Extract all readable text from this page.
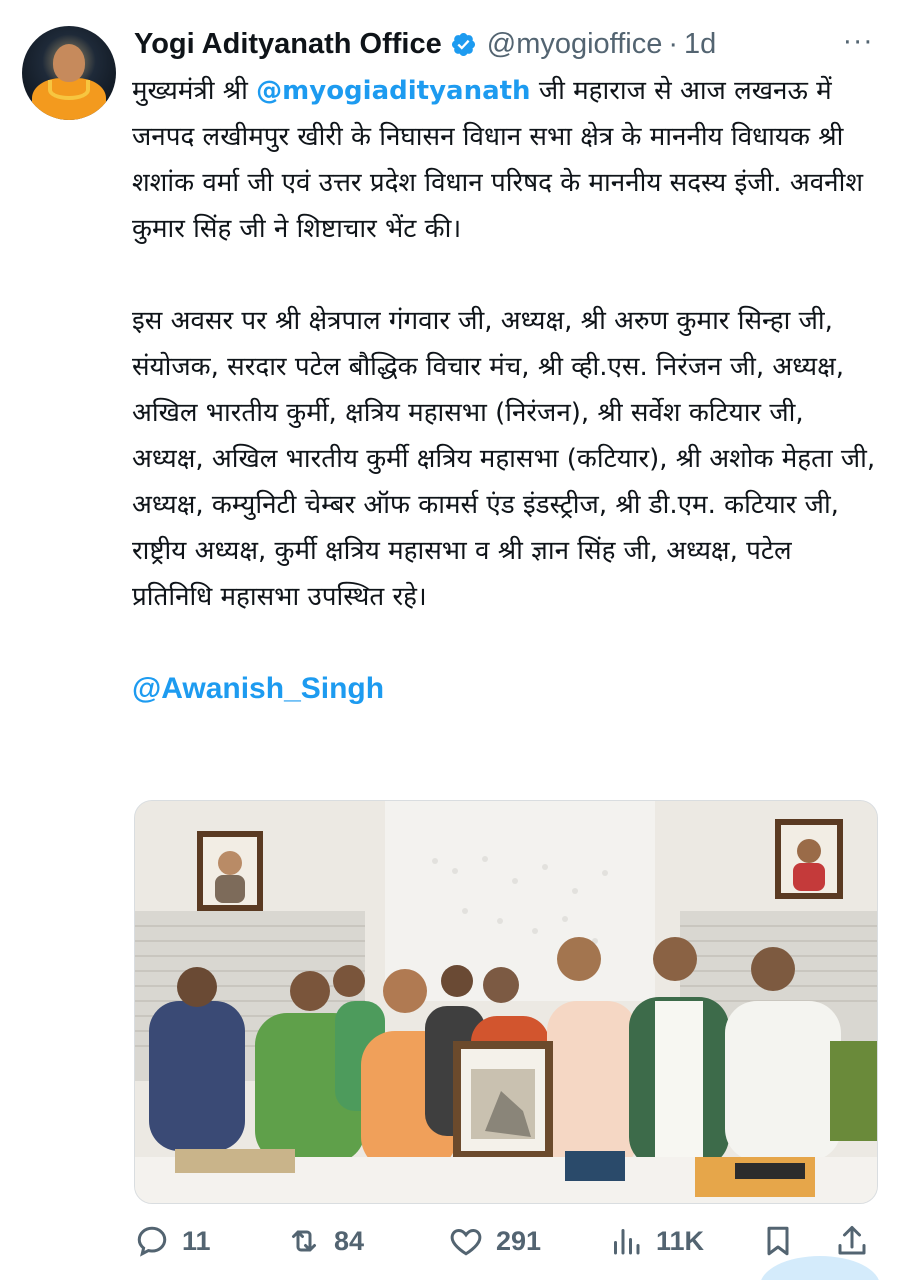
Yogi Adityanath Office @myogioffice · 1d	···

मुख्यमंत्री श्री @myogiadityanath जी महाराज से आज लखनऊ में जनपद लखीमपुर खीरी के निघासन विधान सभा क्षेत्र के माननीय विधायक श्री शशांक वर्मा जी एवं उत्तर प्रदेश विधान परिषद के माननीय सदस्य इंजी. अवनीश कुमार सिंह जी ने शिष्टाचार भेंट की।

इस अवसर पर श्री क्षेत्रपाल गंगवार जी, अध्यक्ष, श्री अरुण कुमार सिन्हा जी, संयोजक, सरदार पटेल बौद्धिक विचार मंच, श्री व्ही.एस. निरंजन जी, अध्यक्ष, अखिल भारतीय कुर्मी, क्षत्रिय महासभा (निरंजन), श्री सर्वेश कटियार जी, अध्यक्ष, अखिल भारतीय कुर्मी क्षत्रिय महासभा (कटियार), श्री अशोक मेहता जी, अध्यक्ष, कम्युनिटी चेम्बर ऑफ कामर्स एंड इंडस्ट्रीज, श्री डी.एम. कटियार जी, राष्ट्रीय अध्यक्ष, कुर्मी क्षत्रिय महासभा व श्री ज्ञान सिंह जी, अध्यक्ष, पटेल प्रतिनिधि महासभा उपस्थित रहे।

@Awanish_Singh

11	84	291	11K
